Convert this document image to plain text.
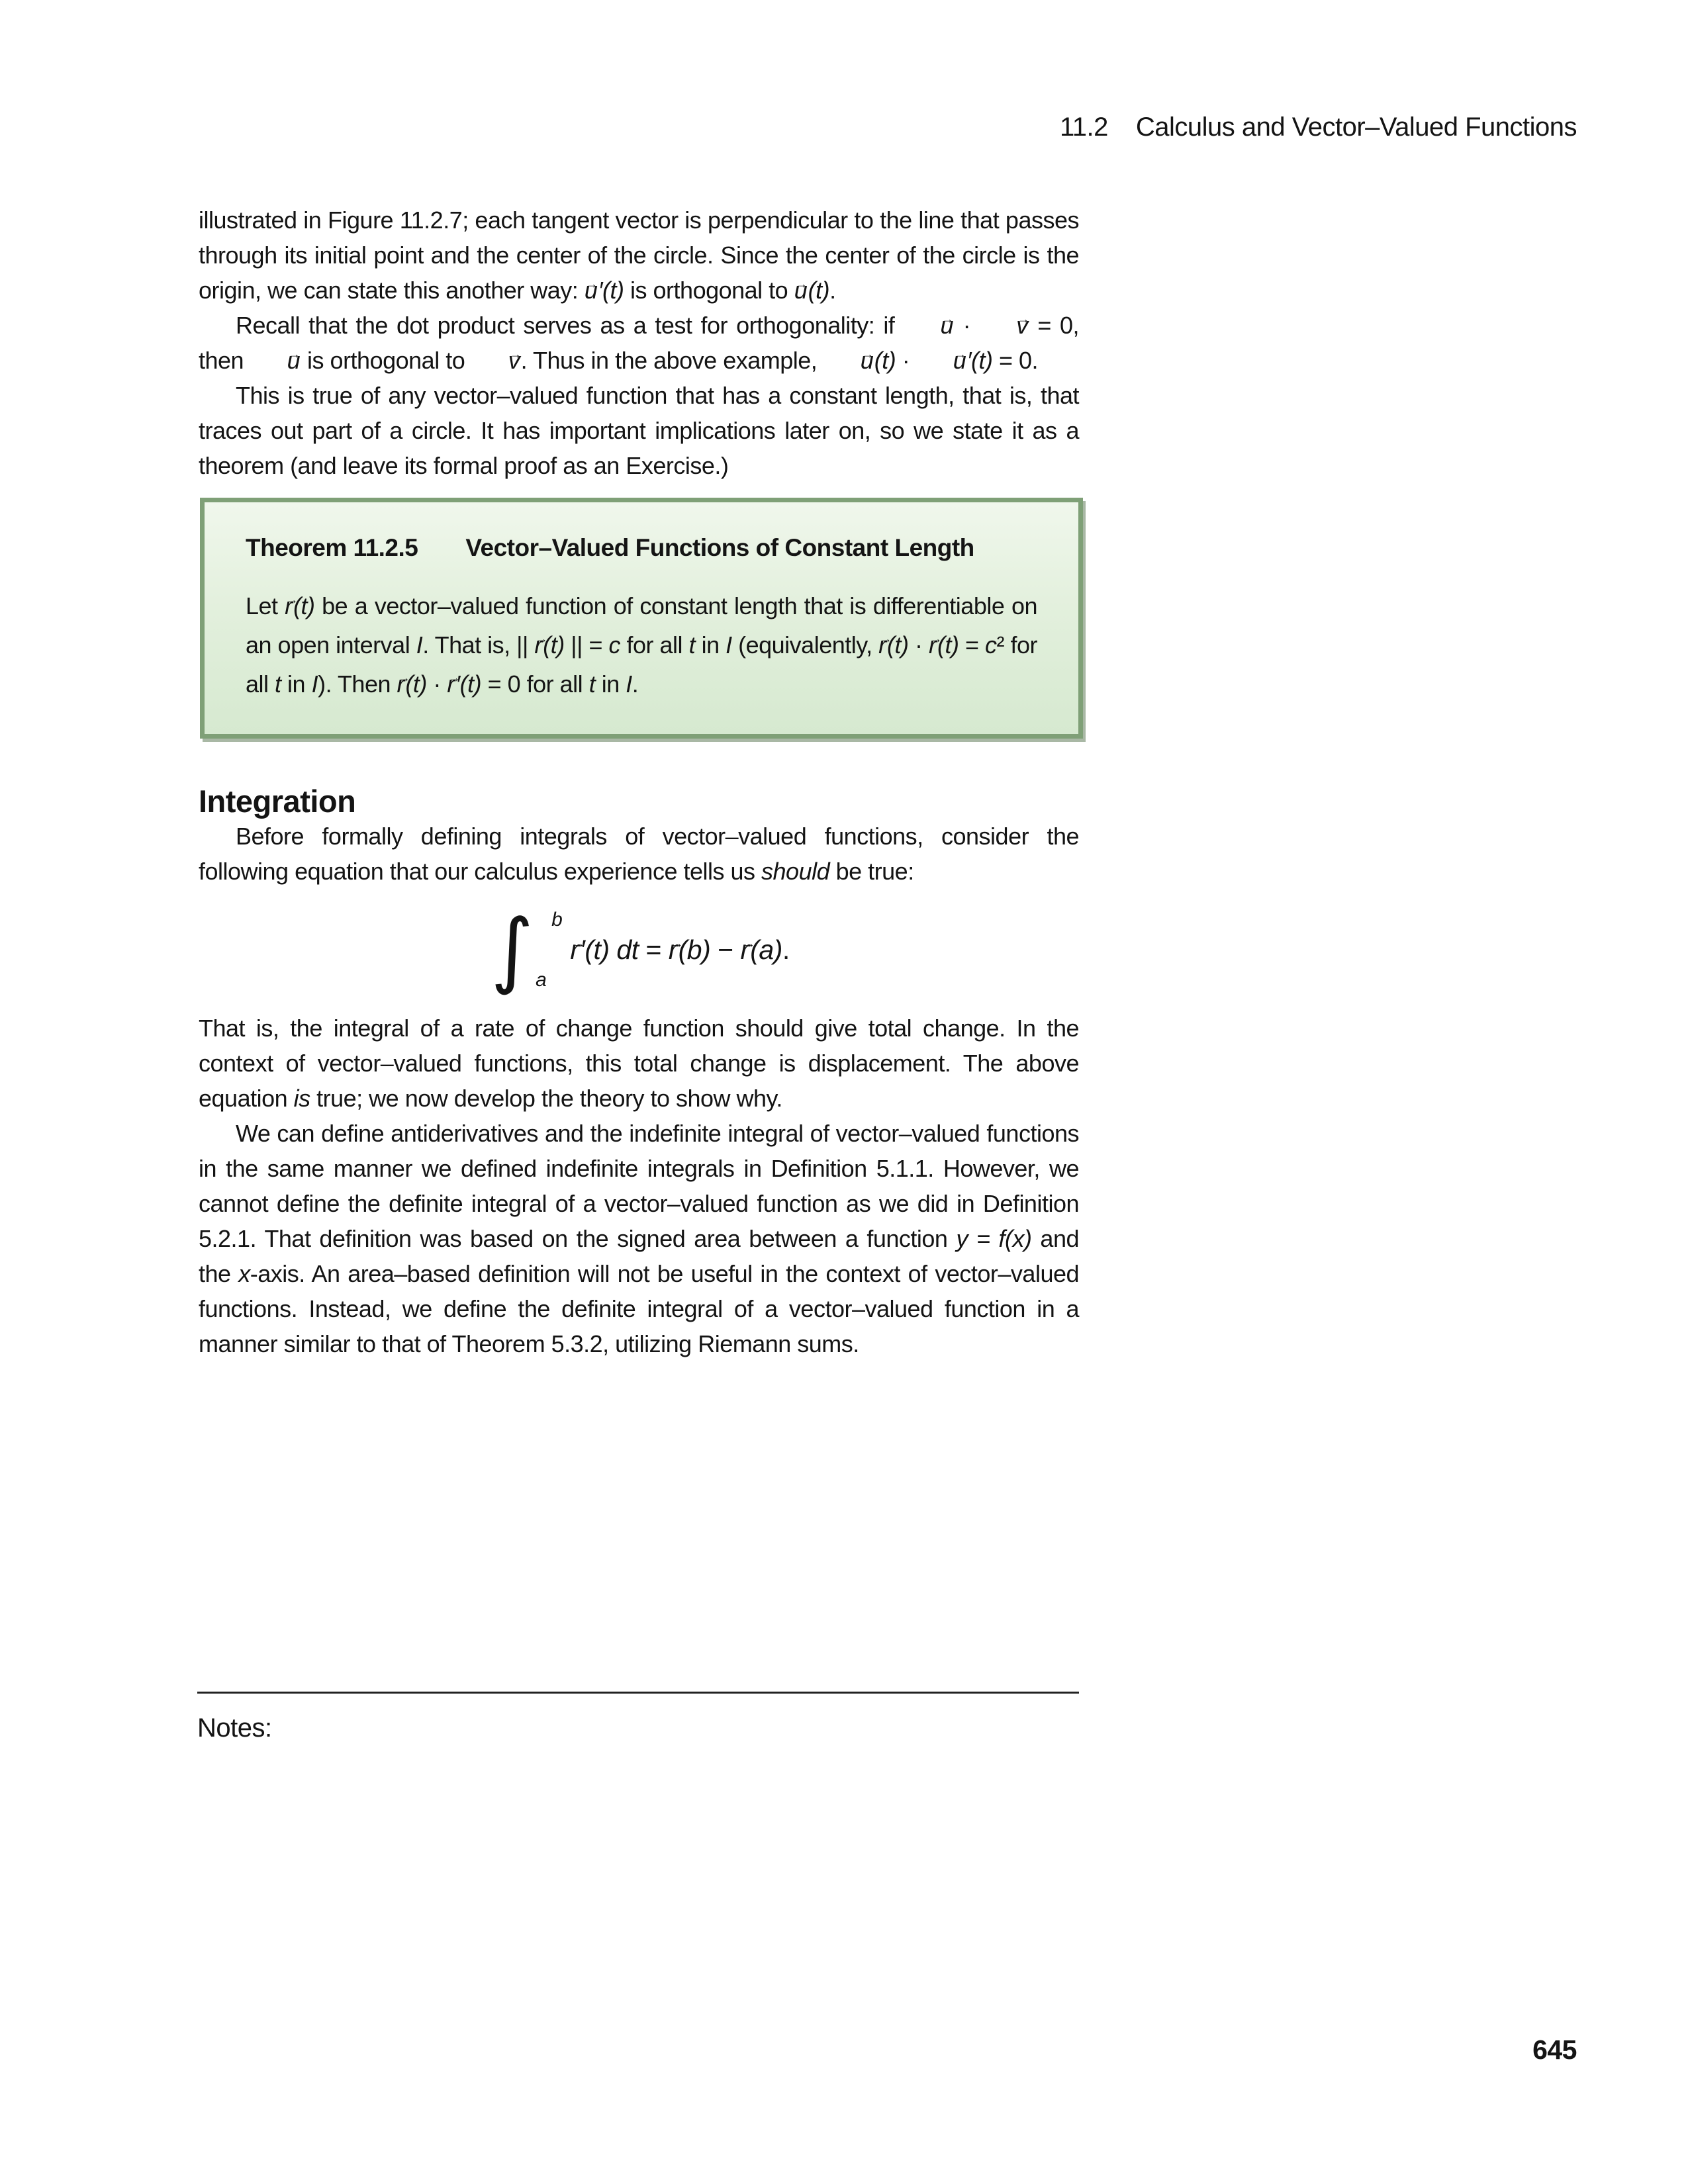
11.2 Calculus and Vector–Valued Functions

illustrated in Figure 11.2.7; each tangent vector is perpendicular to the line that passes through its initial point and the center of the circle. Since the center of the circle is the origin, we can state this another way: u →′(t) is orthogonal to u →(t).

Recall that the dot product serves as a test for orthogonality: if u → · v → = 0, then u → is orthogonal to v →. Thus in the above example, u →(t) · u →′(t) = 0.

This is true of any vector–valued function that has a constant length, that is, that traces out part of a circle. It has important implications later on, so we state it as a theorem (and leave its formal proof as an Exercise.)

Theorem 11.2.5 Vector–Valued Functions of Constant Length
Let r →(t) be a vector–valued function of constant length that is differentiable on an open interval I. That is, || r →(t) || = c for all t in I (equivalently, r →(t) · r →(t) = c² for all t in I). Then r →(t) · r →′(t) = 0 for all t in I.
Integration

Before formally defining integrals of vector–valued functions, consider the following equation that our calculus experience tells us should be true:

∫ b
a
r →′(t) dt = r →(b) − r →(a).

That is, the integral of a rate of change function should give total change. In the context of vector–valued functions, this total change is displacement. The above equation is true; we now develop the theory to show why.

We can define antiderivatives and the indefinite integral of vector–valued functions in the same manner we defined indefinite integrals in Definition 5.1.1. However, we cannot define the definite integral of a vector–valued function as we did in Definition 5.2.1. That definition was based on the signed area between a function y = f(x) and the x-axis. An area–based definition will not be useful in the context of vector–valued functions. Instead, we define the definite integral of a vector–valued function in a manner similar to that of Theorem 5.3.2, utilizing Riemann sums.

Notes:
645
